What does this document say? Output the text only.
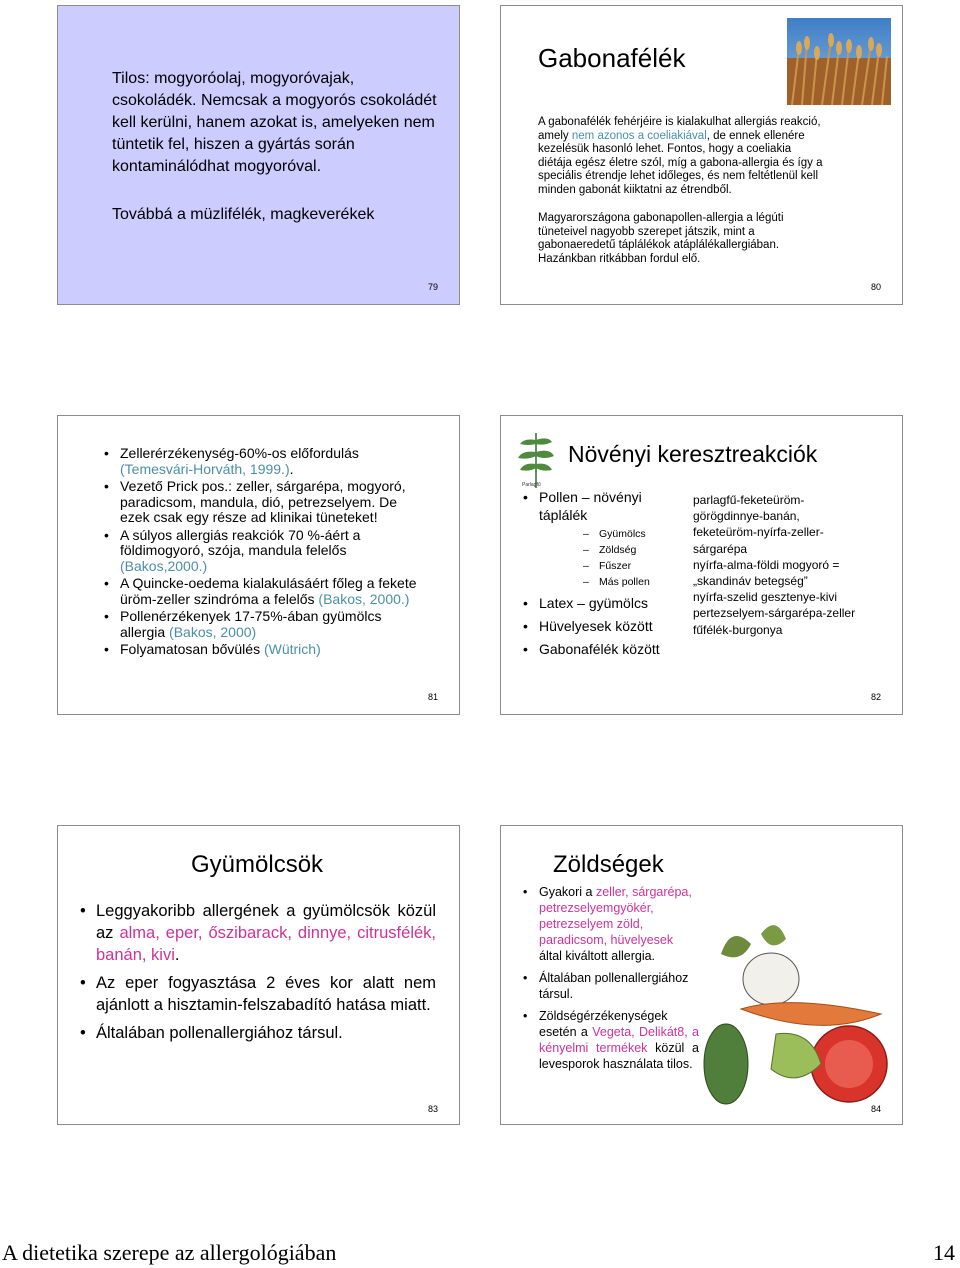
Tilos: mogyoróolaj, mogyoróvajak, csokoládék. Nemcsak a mogyorós csokoládét kell kerülni, hanem azokat is, amelyeken nem tüntetik fel, hiszen a gyártás során kontaminálódhat mogyoróval.

Továbbá a müzlifélék, magkeverékek

79
Gabonafélék

A gabonafélék fehérjéire is kialakulhat allergiás reakció, amely nem azonos a coeliakiával, de ennek ellenére kezelésük hasonló lehet. Fontos, hogy a coeliakia diétája egész életre szól, míg a gabona-allergia és így a speciális étrendje lehet időleges, és nem feltétlenül kell minden gabonát kiiktatni az étrendből.

Magyarországona gabonapollen-allergia a légúti tüneteivel nagyobb szerepet játszik, mint a gabonaeredetű táplálékok atáplálékallergiában. Hazánkban ritkábban fordul elő.

80
• Zellerérzékenység-60%-os előfordulás (Temesvári-Horváth, 1999.).
• Vezető Prick pos.: zeller, sárgarépa, mogyoró, paradicsom, mandula, dió, petrezselyem. De ezek csak egy része ad klinikai tüneteket!
• A súlyos allergiás reakciók 70 %-áért a földimogyoró, szója, mandula felelős (Bakos,2000.)
• A Quincke-oedema kialakulásáért főleg a fekete üröm-zeller szindróma a felelős (Bakos, 2000.)
• Pollenérzékenyek 17-75%-ában gyümölcs allergia (Bakos, 2000)
• Folyamatosan bővülés (Wütrich)
81
Parlagfű
Növényi keresztreakciók
• Pollen – növényi táplálék
– Gyümölcs
– Zöldség
– Fűszer
– Más pollen
• Latex – gyümölcs
• Hüvelyesek között
• Gabonafélék között
parlagfű-feketeüröm-
görögdinnye-banán,
feketeüröm-nyírfa-zeller-
sárgarépa
nyírfa-alma-földi mogyoró =
„skandináv betegség”
nyírfa-szelid gesztenye-kivi
pertezselyem-sárgarépa-zeller
fűfélék-burgonya
82
Gyümölcsök
• Leggyakoribb allergének a gyümölcsök közül az alma, eper, őszibarack, dinnye, citrusfélék, banán, kivi.
• Az eper fogyasztása 2 éves kor alatt nem ajánlott a hisztamin-felszabadító hatása miatt.
• Általában pollenallergiához társul.
83
Zöldségek
• Gyakori a zeller, sárgarépa, petrezselyemgyökér, petrezselyem zöld, paradicsom, hüvelyesek által kiváltott allergia.
• Általában pollenallergiához társul.
• Zöldségérzékenységek esetén a Vegeta, Delikát8, a kényelmi termékek közül a levesporok használata tilos.
84
A dietetika szerepe az allergológiában	14
